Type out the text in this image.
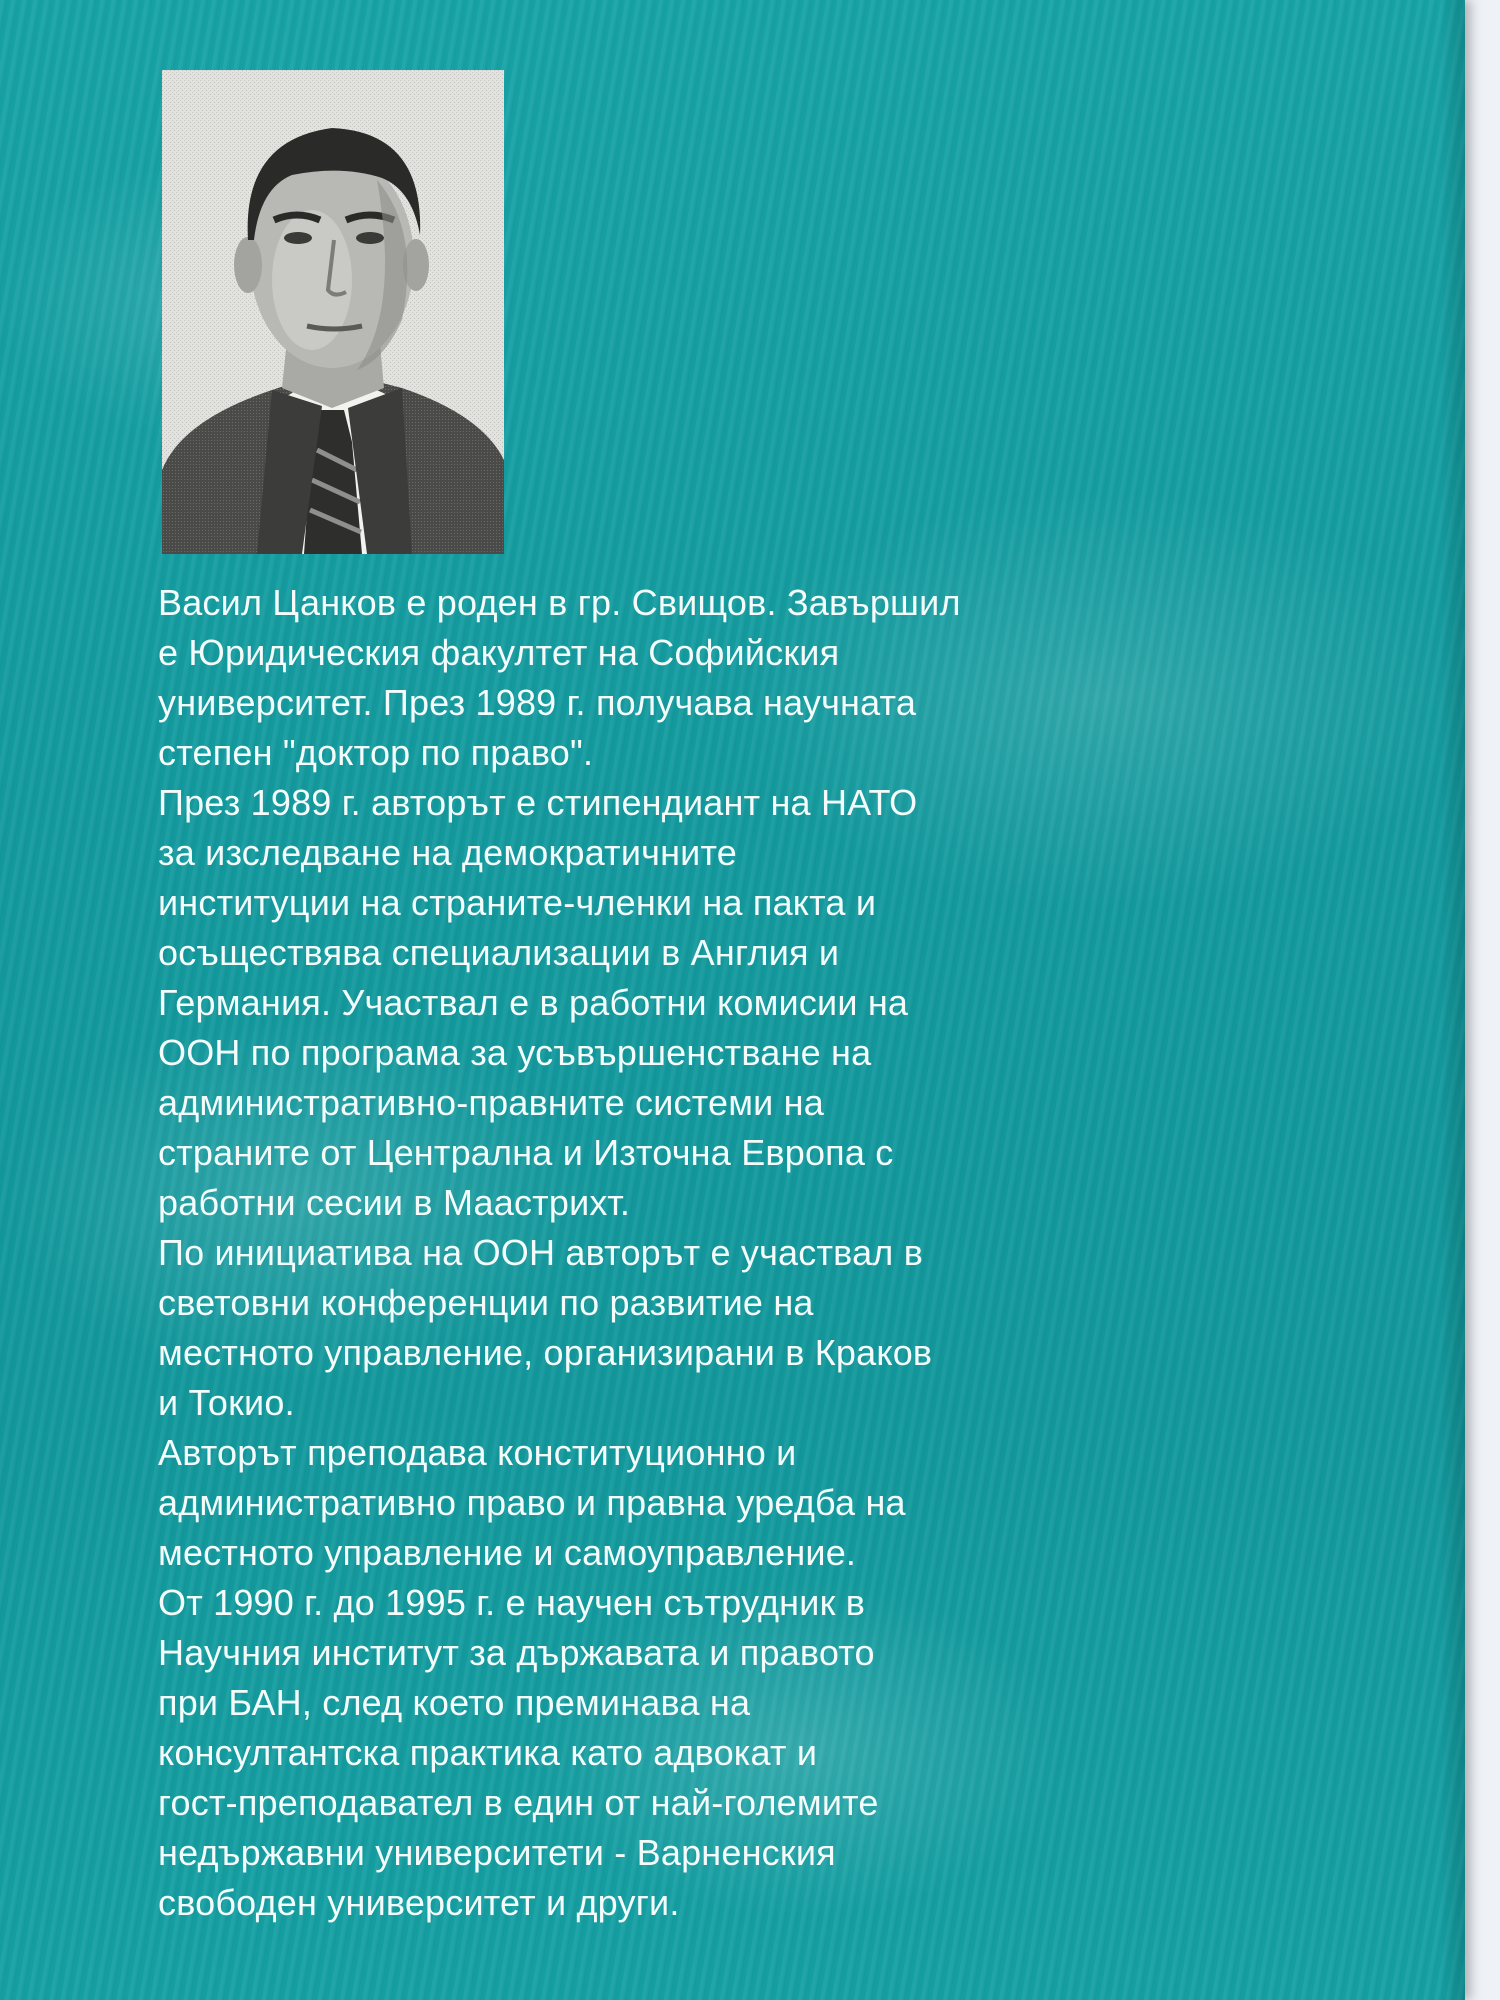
Васил Цанков е роден в гр. Свищов. Завършил
е Юридическия факултет на Софийския
университет. През 1989 г. получава научната
степен "доктор по право".
През 1989 г. авторът е стипендиант на НАТО
за изследване на демократичните
институции на страните-членки на пакта и
осъществява специализации в Англия и
Германия. Участвал е в работни комисии на
ООН по програма за усъвършенстване на
административно-правните системи на
страните от Централна и Източна Европа с
работни сесии в Маастрихт.
По инициатива на ООН авторът е участвал в
световни конференции по развитие на
местното управление, организирани в Краков
и Токио.
Авторът преподава конституционно и
административно право и правна уредба на
местното управление и самоуправление.
От 1990 г. до 1995 г. е научен сътрудник в
Научния институт за държавата и правото
при БАН, след което преминава на
консултантска практика като адвокат и
гост-преподавател в един от най-големите
недържавни университети - Варненския
свободен университет и други.
